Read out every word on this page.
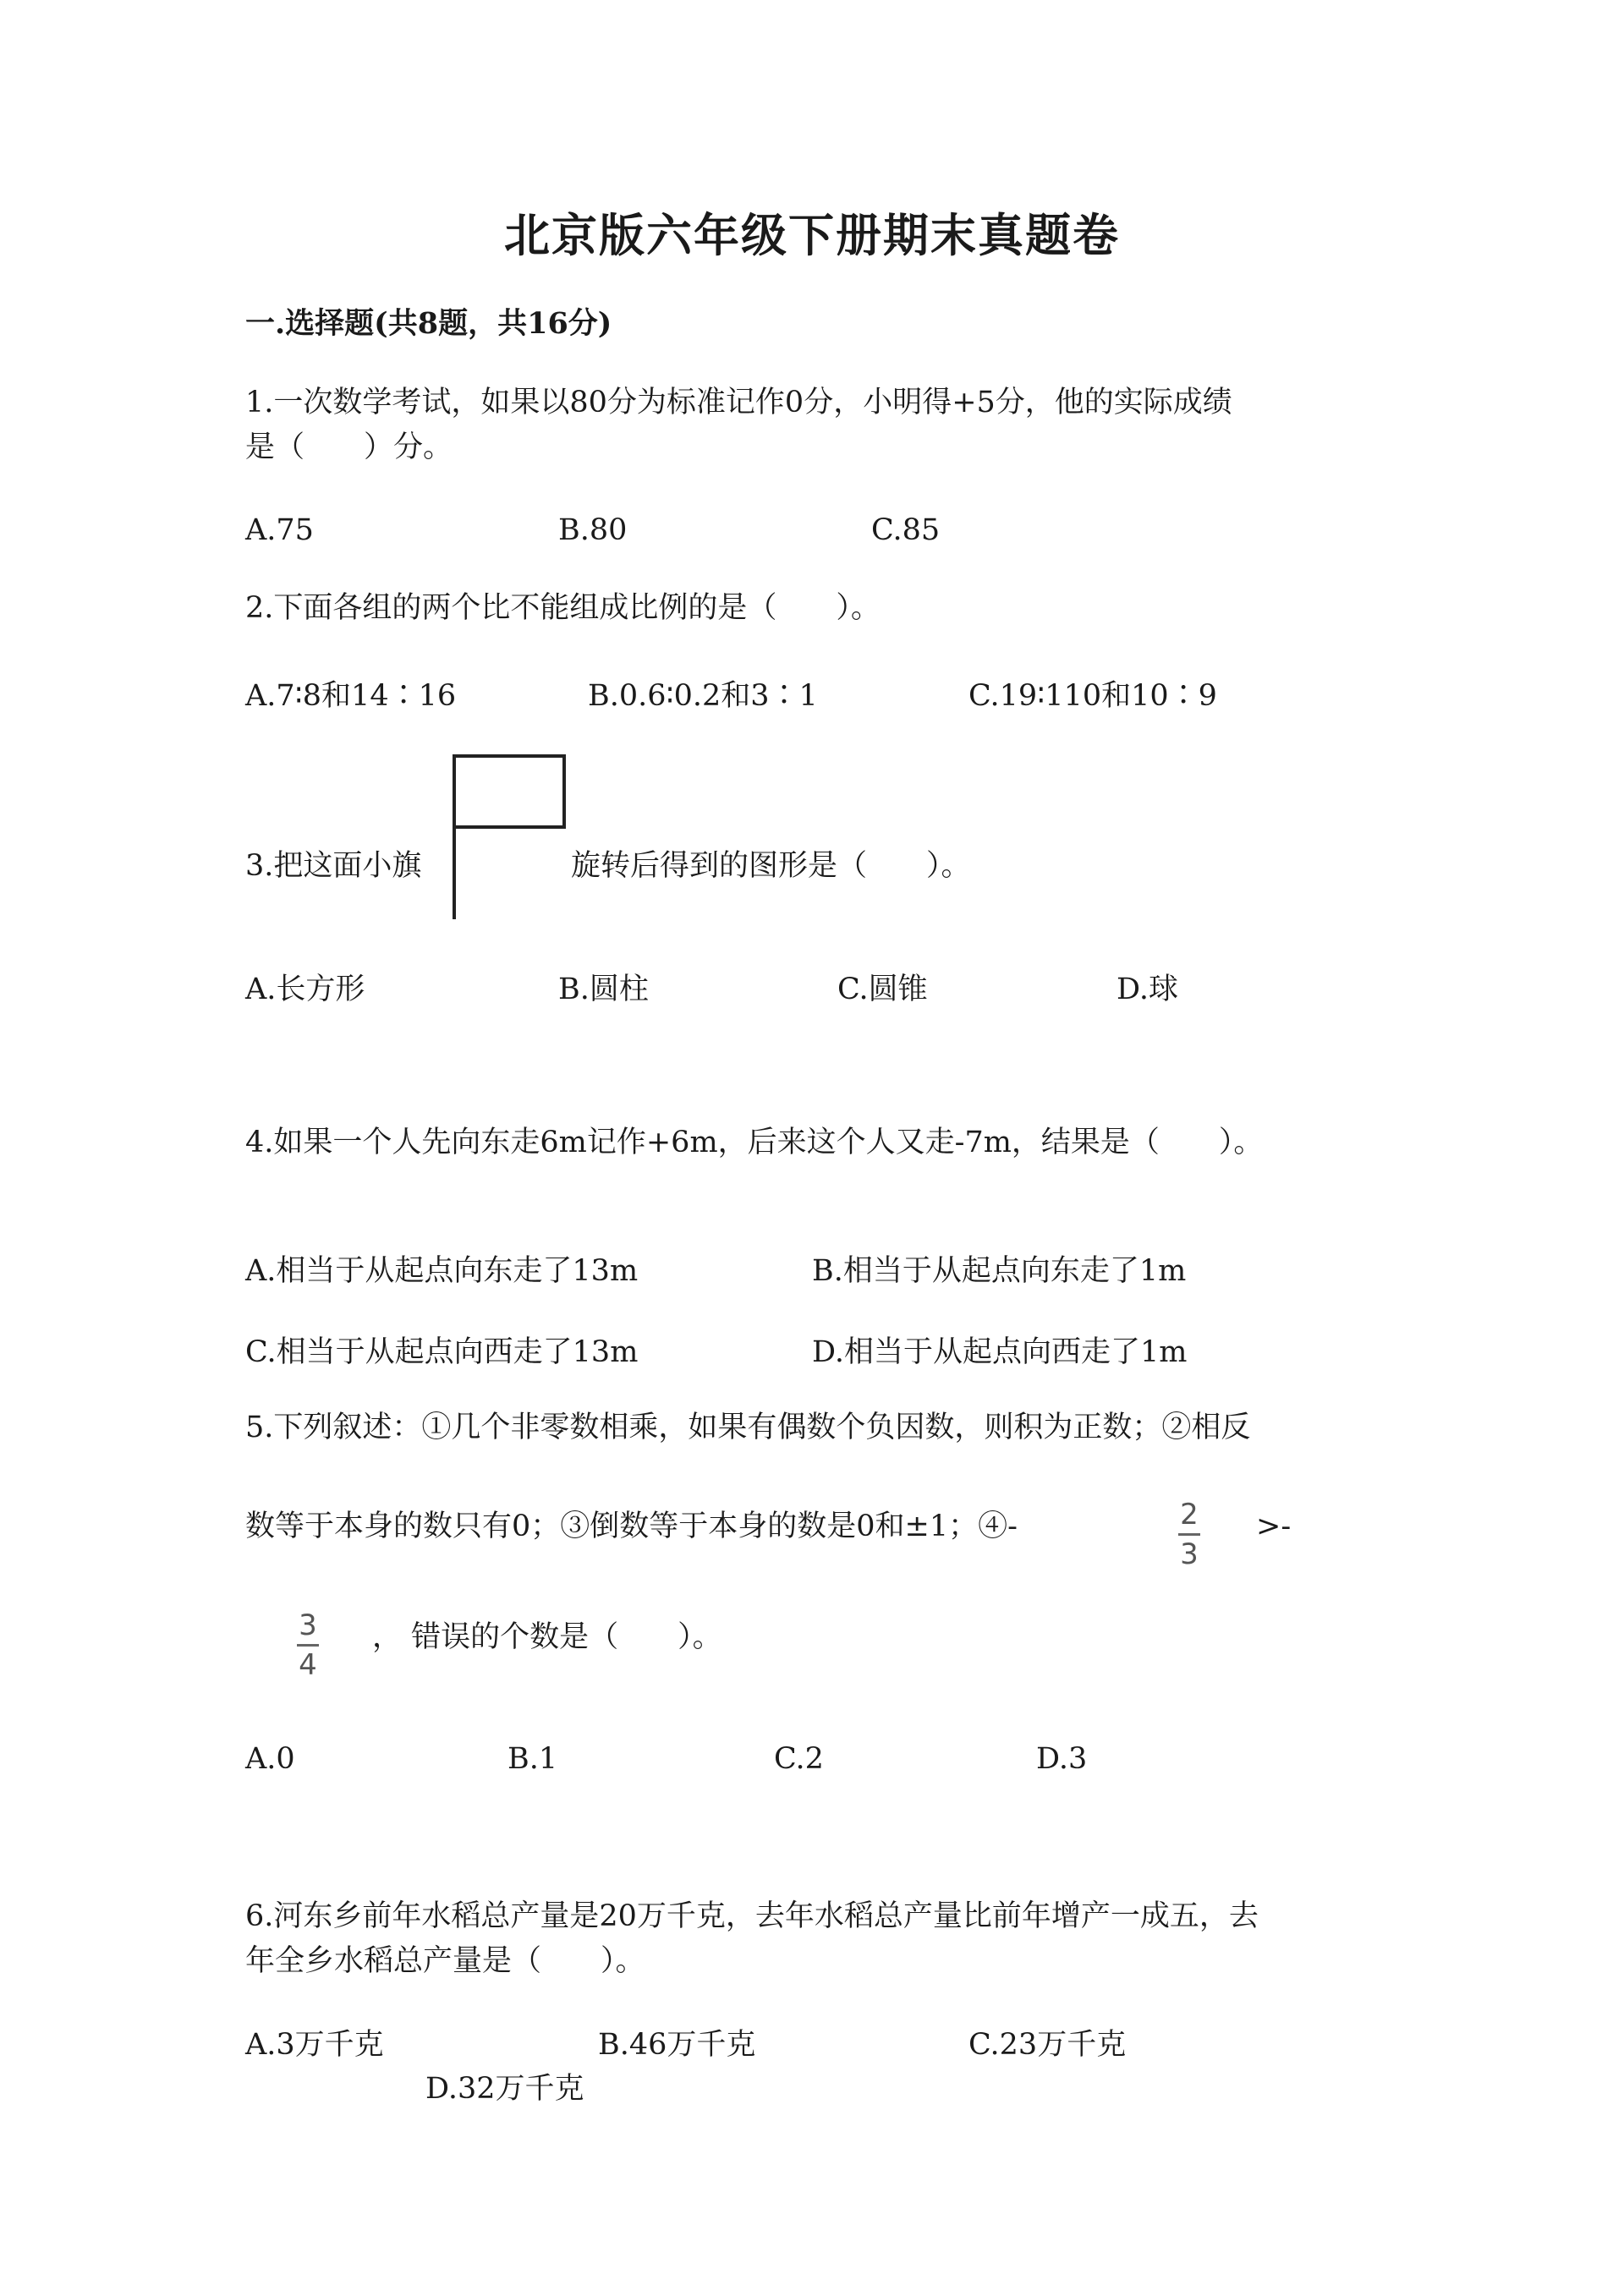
北京版六年级下册期末真题卷
一.选择题(共8题，共16分)
1.一次数学考试，如果以80分为标准记作0分，小明得+5分，他的实际成绩
是（　　）分。
A.75	B.80	C.85
2.下面各组的两个比不能组成比例的是（　　）。
A.7∶8和14∶16	B.0.6∶0.2和3∶1	C.19∶110和10∶9
3.把这面小旗	旋转后得到的图形是（　　）。
A.长方形	B.圆柱	C.圆锥	D.球
4.如果一个人先向东走6m记作+6m，后来这个人又走-7m，结果是（　　）。
A.相当于从起点向东走了13m	B.相当于从起点向东走了1m
C.相当于从起点向西走了13m	D.相当于从起点向西走了1m
5.下列叙述：①几个非零数相乘，如果有偶数个负因数，则积为正数；②相反
数等于本身的数只有0；③倒数等于本身的数是0和±1；④-	2
3
>-
3
4
， 错误的个数是（　　）。
A.0	B.1	C.2	D.3
6.河东乡前年水稻总产量是20万千克，去年水稻总产量比前年增产一成五，去
年全乡水稻总产量是（　　）。
A.3万千克	B.46万千克	C.23万千克
D.32万千克
